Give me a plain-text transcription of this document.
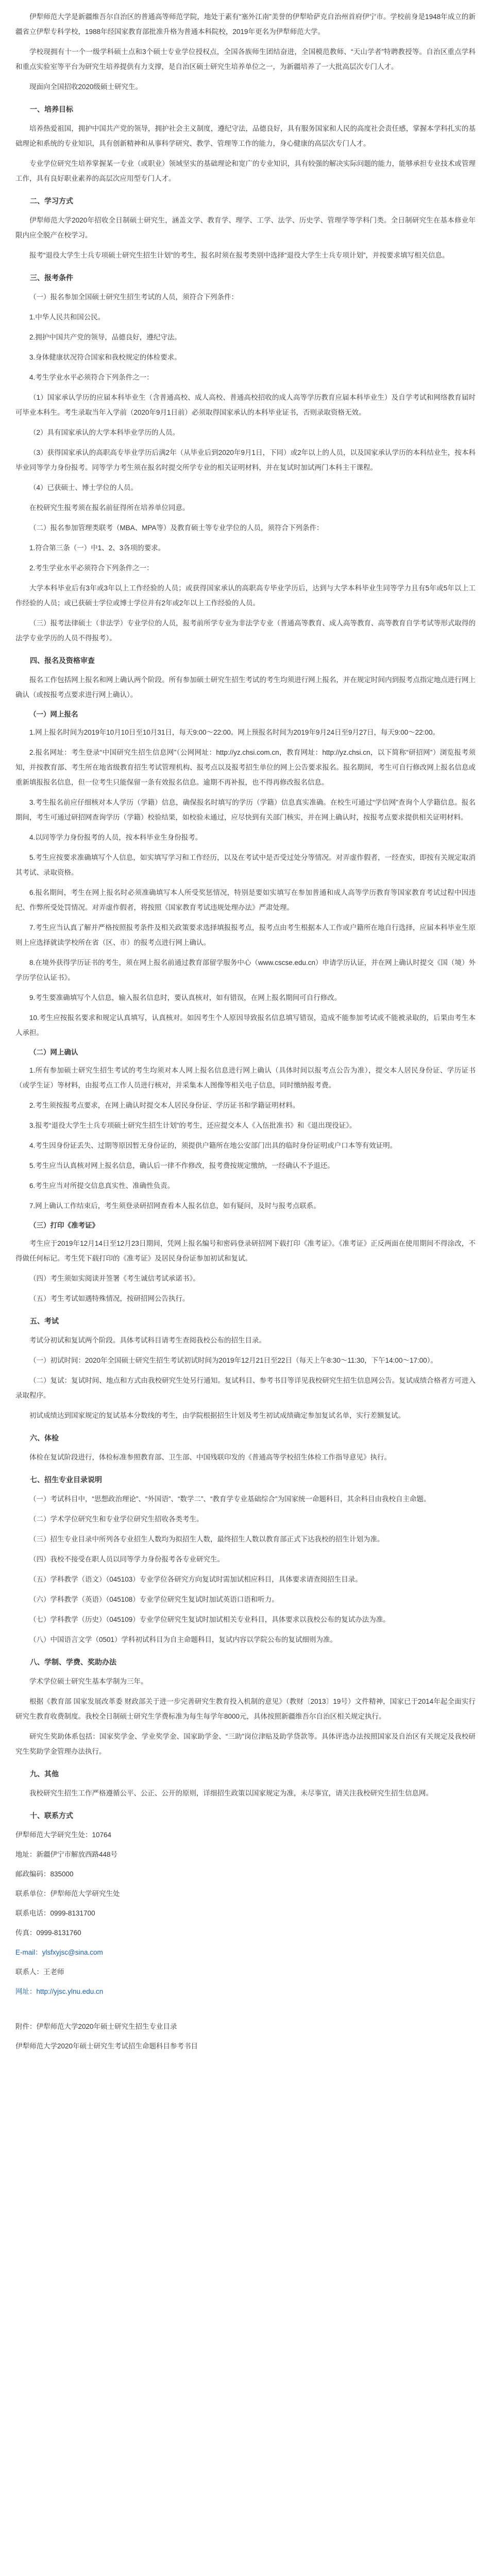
伊犁师范大学是新疆维吾尔自治区的普通高等师范学院，地处于素有“塞外江南”美誉的伊犁哈萨克自治州首府伊宁市。学校前身是1948年成立的新疆省立伊犁专科学校，1988年经国家教育部批准升格为普通本科院校，2019年更名为伊犁师范大学。

学校现拥有十一个一级学科硕士点和3个硕士专业学位授权点，全国各族师生团结奋进，全国模范教师、“天山学者”特聘教授等。自治区重点学科和重点实验室等平台为研究生培养提供有力支撑，是自治区硕士研究生培养单位之一，为新疆培养了一大批高层次专门人才。

现面向全国招收2020级硕士研究生。

一、培养目标

培养热爱祖国，拥护中国共产党的领导，拥护社会主义制度，遵纪守法，品德良好，具有服务国家和人民的高度社会责任感，掌握本学科扎实的基础理论和系统的专业知识，具有创新精神和从事科学研究、教学、管理等工作的能力，身心健康的高层次专门人才。

专业学位研究生培养掌握某一专业（或职业）领域坚实的基础理论和宽广的专业知识，具有较强的解决实际问题的能力，能够承担专业技术或管理工作，具有良好职业素养的高层次应用型专门人才。

二、学习方式

伊犁师范大学2020年招收全日制硕士研究生，涵盖文学、教育学、理学、工学、法学、历史学、管理学等学科门类。全日制研究生在基本修业年限内应全脱产在校学习。

报考“退役大学生士兵专项硕士研究生招生计划”的考生，报名时须在报考类别中选择“退役大学生士兵专项计划”，并按要求填写相关信息。

三、报考条件

（一）报名参加全国硕士研究生招生考试的人员，须符合下列条件：

1.中华人民共和国公民。

2.拥护中国共产党的领导，品德良好，遵纪守法。

3.身体健康状况符合国家和我校规定的体检要求。

4.考生学业水平必须符合下列条件之一：

（1）国家承认学历的应届本科毕业生（含普通高校、成人高校、普通高校招收的成人高等学历教育应届本科毕业生）及自学考试和网络教育届时可毕业本科生。考生录取当年入学前（2020年9月1日前）必须取得国家承认的本科毕业证书，否则录取资格无效。

（2）具有国家承认的大学本科毕业学历的人员。

（3）获得国家承认的高职高专毕业学历后满2年（从毕业后到2020年9月1日，下同）或2年以上的人员，以及国家承认学历的本科结业生，按本科毕业同等学力身份报考。同等学力考生须在报名时提交所学专业的相关证明材料，并在复试时加试两门本科主干课程。

（4）已获硕士、博士学位的人员。

在校研究生报考须在报名前征得所在培养单位同意。

（二）报名参加管理类联考（MBA、MPA等）及教育硕士等专业学位的人员，须符合下列条件：

1.符合第三条（一）中1、2、3各项的要求。

2.考生学业水平必须符合下列条件之一：

大学本科毕业后有3年或3年以上工作经验的人员；或获得国家承认的高职高专毕业学历后，达到与大学本科毕业生同等学力且有5年或5年以上工作经验的人员；或已获硕士学位或博士学位并有2年或2年以上工作经验的人员。

（三）报考法律硕士（非法学）专业学位的人员，报考前所学专业为非法学专业（普通高等教育、成人高等教育、高等教育自学考试等形式取得的法学专业学历的人员不得报考）。

四、报名及资格审查

报名工作包括网上报名和网上确认两个阶段。所有参加硕士研究生招生考试的考生均须进行网上报名，并在规定时间内到报考点指定地点进行网上确认（或按报考点要求进行网上确认）。

（一）网上报名

1.网上报名时间为2019年10月10日至10月31日，每天9:00～22:00。网上预报名时间为2019年9月24日至9月27日，每天9:00～22:00。

2.报名网址：考生登录“中国研究生招生信息网”（公网网址：http://yz.chsi.com.cn，教育网址：http://yz.chsi.cn，以下简称“研招网”）浏览报考须知，并按教育部、考生所在地省级教育招生考试管理机构、报考点以及报考招生单位的网上公告要求报名。报名期间，考生可自行修改网上报名信息或重新填报报名信息，但一位考生只能保留一条有效报名信息。逾期不再补报，也不得再修改报名信息。

3.考生报名前应仔细核对本人学历（学籍）信息，确保报名时填写的学历（学籍）信息真实准确。在校生可通过“学信网”查询个人学籍信息。报名期间，考生可通过研招网查询学历（学籍）校验结果，如校验未通过，应尽快到有关部门核实，并在网上确认时，按报考点要求提供相关证明材料。

4.以同等学力身份报考的人员，按本科毕业生身份报考。

5.考生应按要求准确填写个人信息，如实填写学习和工作经历，以及在考试中是否受过处分等情况。对弄虚作假者，一经查实，即按有关规定取消其考试、录取资格。

6.报名期间，考生在网上报名时必须准确填写本人所受奖惩情况，特别是要如实填写在参加普通和成人高等学历教育等国家教育考试过程中因违纪、作弊所受处罚情况。对弄虚作假者，将按照《国家教育考试违规处理办法》严肃处理。

7.考生应当认真了解并严格按照报考条件及相关政策要求选择填报报考点，报考点由考生根据本人工作或户籍所在地自行选择，应届本科毕业生原则上应选择就读学校所在省（区、市）的报考点进行网上确认。

8.在境外获得学历证书的考生，须在网上报名前通过教育部留学服务中心（www.cscse.edu.cn）申请学历认证，并在网上确认时提交《国（境）外学历学位认证书》。

9.考生要准确填写个人信息，输入报名信息时，要认真核对，如有错误，在网上报名期间可自行修改。

10.考生应按报名要求和规定认真填写，认真核对。如因考生个人原因导致报名信息填写错误，造成不能参加考试或不能被录取的，后果由考生本人承担。

（二）网上确认

1.所有参加硕士研究生招生考试的考生均须对本人网上报名信息进行网上确认（具体时间以报考点公告为准），提交本人居民身份证、学历证书（或学生证）等材料，由报考点工作人员进行核对，并采集本人图像等相关电子信息，同时缴纳报考费。

2.考生须按报考点要求，在网上确认时提交本人居民身份证、学历证书和学籍证明材料。

3.报考“退役大学生士兵专项硕士研究生招生计划”的考生，还应提交本人《入伍批准书》和《退出现役证》。

4.考生因身份证丢失、过期等原因暂无身份证的，须提供户籍所在地公安部门出具的临时身份证明或户口本等有效证明。

5.考生应当认真核对网上报名信息，确认后一律不作修改，报考费按规定缴纳，一经确认不予退还。

6.考生应当对所提交信息真实性、准确性负责。

7.网上确认工作结束后，考生须登录研招网查看本人报名信息，如有疑问，及时与报考点联系。

（三）打印《准考证》

考生应于2019年12月14日至12月23日期间，凭网上报名编号和密码登录研招网下载打印《准考证》。《准考证》正反两面在使用期间不得涂改，不得做任何标记。考生凭下载打印的《准考证》及居民身份证参加初试和复试。

（四）考生须如实阅读并签署《考生诚信考试承诺书》。

（五）考生考试如遇特殊情况，按研招网公告执行。

五、考试

考试分初试和复试两个阶段。具体考试科目请考生查阅我校公布的招生目录。

（一）初试时间：2020年全国硕士研究生招生考试初试时间为2019年12月21日至22日（每天上午8:30～11:30，下午14:00～17:00）。

（二）复试：复试时间、地点和方式由我校研究生处另行通知。复试科目、参考书目等详见我校研究生招生信息网公告。复试成绩合格者方可进入录取程序。

初试成绩达到国家规定的复试基本分数线的考生，由学院根据招生计划及考生初试成绩确定参加复试名单，实行差额复试。

六、体检

体检在复试阶段进行，体检标准参照教育部、卫生部、中国残联印发的《普通高等学校招生体检工作指导意见》执行。

七、招生专业目录说明

（一）考试科目中，“思想政治理论”、“外国语”、“数学二”、“教育学专业基础综合”为国家统一命题科目，其余科目由我校自主命题。

（二）学术学位研究生和专业学位研究生招收各类考生。

（三）招生专业目录中所列各专业招生人数均为拟招生人数，最终招生人数以教育部正式下达我校的招生计划为准。

（四）我校不接受在职人员以同等学力身份报考各专业研究生。

（五）学科教学（语文）（045103）专业学位各研究方向复试时需加试相应科目，具体要求请查阅招生目录。

（六）学科教学（英语）（045108）专业学位研究生复试时加试英语口语和听力。

（七）学科教学（历史）（045109）专业学位研究生复试时加试相关专业科目，具体要求以我校公布的复试办法为准。

（八）中国语言文学（0501）学科初试科目为自主命题科目，复试内容以学院公布的复试细则为准。

八、学制、学费、奖助办法

学术学位硕士研究生基本学制为三年。

根据《教育部 国家发展改革委 财政部关于进一步完善研究生教育投入机制的意见》（教财〔2013〕19号）文件精神，国家已于2014年起全面实行研究生教育收费制度。我校全日制硕士研究生学费标准为每生每学年8000元，具体按照新疆维吾尔自治区相关规定执行。

研究生奖助体系包括：国家奖学金、学业奖学金、国家助学金、“三助”岗位津贴及助学贷款等。具体评选办法按照国家及自治区有关规定及我校研究生奖助学金管理办法执行。

九、其他

我校研究生招生工作严格遵循公平、公正、公开的原则，详细招生政策以国家规定为准，未尽事宜，请关注我校研究生招生信息网。

十、联系方式

伊犁师范大学研究生处：10764

地址：新疆伊宁市解放西路448号

邮政编码：835000

联系单位：伊犁师范大学研究生处

联系电话：0999-8131700

传真：0999-8131760

E-mail：ylsfxyjsc@sina.com

联系人：王老师

网址：http://yjsc.ylnu.edu.cn

附件：伊犁师范大学2020年硕士研究生招生专业目录

伊犁师范大学2020年硕士研究生考试招生命题科目参考书目
